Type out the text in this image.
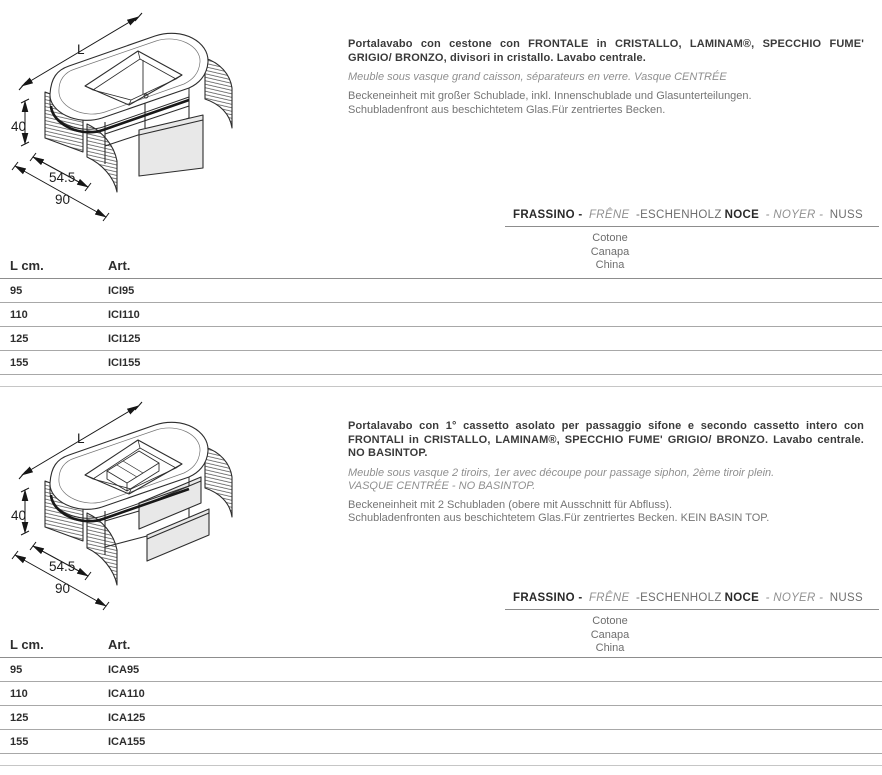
L
40
54.5
90
Portalavabo con cestone con FRONTALE in CRISTALLO, LAMINAM®, SPECCHIO FUME' GRIGIO/ BRONZO, divisori in cristallo. Lavabo centrale.
Meuble sous vasque grand caisson, séparateurs en verre. Vasque CENTRÉE
Beckeneinheit mit großer Schublade, inkl. Innenschublade und Glasunterteilungen.
Schubladenfront aus beschichtetem Glas.Für zentriertes Becken.
FRASSINO - FRÊNE -ESCHENHOLZ NOCE - NOYER - NUSS
Cotone
Canapa
China
L cm.	Art.
95	ICI95
110	ICI110
125	ICI125
155	ICI155
L
40
54.5
90
Portalavabo con 1° cassetto asolato per passaggio sifone e secondo cassetto intero con FRONTALI in CRISTALLO, LAMINAM®, SPECCHIO FUME' GRIGIO/ BRONZO. Lavabo centrale. NO BASINTOP.
Meuble sous vasque 2 tiroirs, 1er avec découpe pour passage siphon, 2ème tiroir plein.
VASQUE CENTRÉE - NO BASINTOP.
Beckeneinheit mit 2 Schubladen (obere mit Ausschnitt für Abfluss).
Schubladenfronten aus beschichtetem Glas.Für zentriertes Becken. KEIN BASIN TOP.
FRASSINO - FRÊNE -ESCHENHOLZ NOCE - NOYER - NUSS
Cotone
Canapa
China
L cm.	Art.
95	ICA95
110	ICA110
125	ICA125
155	ICA155
